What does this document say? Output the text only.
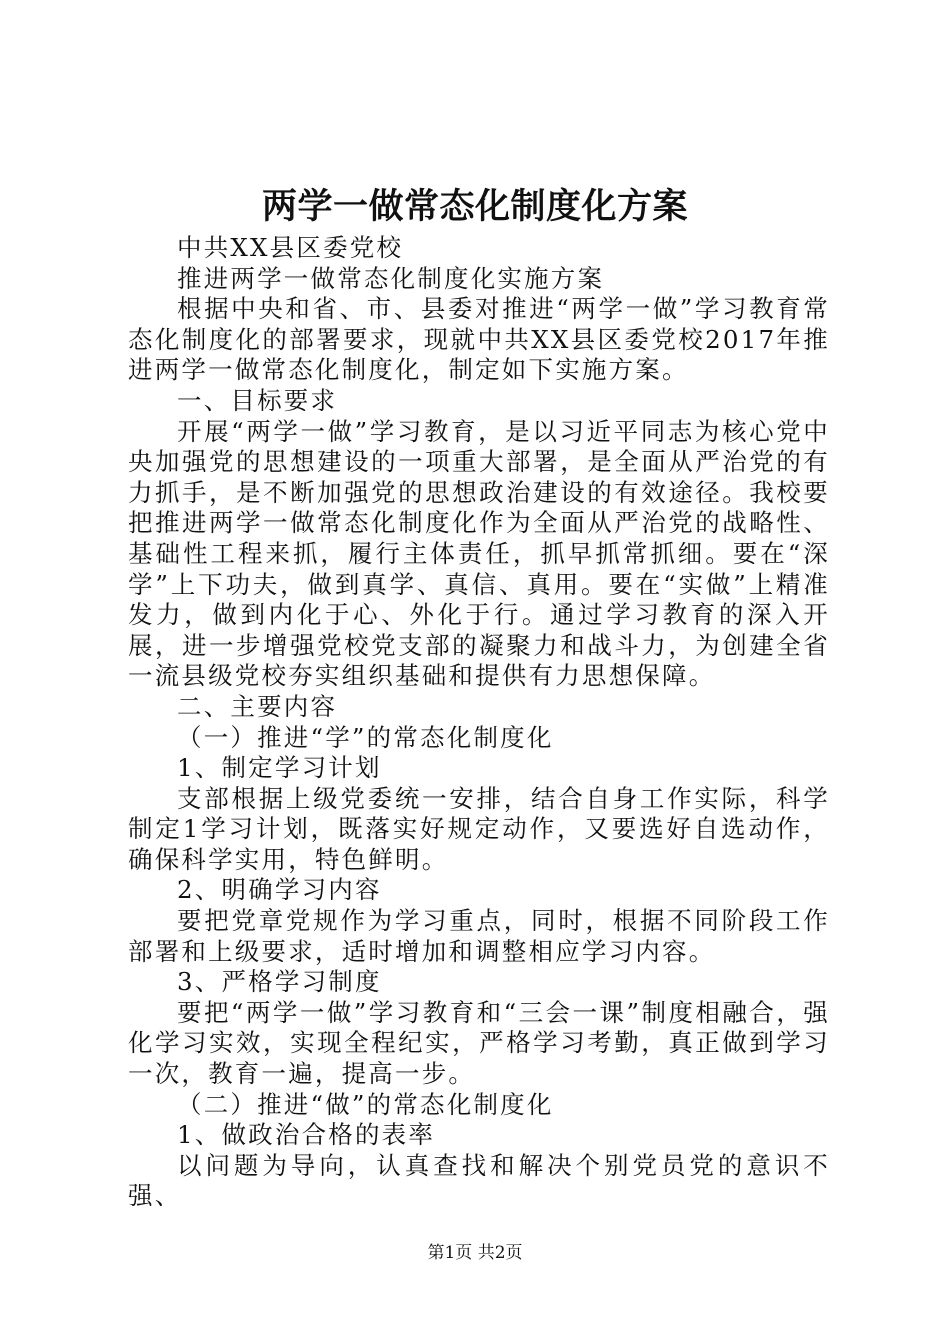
两学一做常态化制度化方案

中共XX县区委党校

推进两学一做常态化制度化实施方案

根据中央和省、市、县委对推进“两学一做”学习教育常态化制度化的部署要求，现就中共XX县区委党校2017年推进两学一做常态化制度化，制定如下实施方案。

一、目标要求

开展“两学一做”学习教育，是以习近平同志为核心党中央加强党的思想建设的一项重大部署，是全面从严治党的有力抓手，是不断加强党的思想政治建设的有效途径。我校要把推进两学一做常态化制度化作为全面从严治党的战略性、基础性工程来抓，履行主体责任，抓早抓常抓细。要在“深学”上下功夫，做到真学、真信、真用。要在“实做”上精准发力，做到内化于心、外化于行。通过学习教育的深入开展，进一步增强党校党支部的凝聚力和战斗力，为创建全省一流县级党校夯实组织基础和提供有力思想保障。

二、主要内容

（一）推进“学”的常态化制度化

1、制定学习计划

支部根据上级党委统一安排，结合自身工作实际，科学制定1学习计划，既落实好规定动作，又要选好自选动作，确保科学实用，特色鲜明。

2、明确学习内容

要把党章党规作为学习重点，同时，根据不同阶段工作部署和上级要求，适时增加和调整相应学习内容。

3、严格学习制度

要把“两学一做”学习教育和“三会一课”制度相融合，强化学习实效，实现全程纪实，严格学习考勤，真正做到学习一次，教育一遍，提高一步。

（二）推进“做”的常态化制度化

1、做政治合格的表率

以问题为导向，认真查找和解决个别党员党的意识不强、

第1页 共2页
